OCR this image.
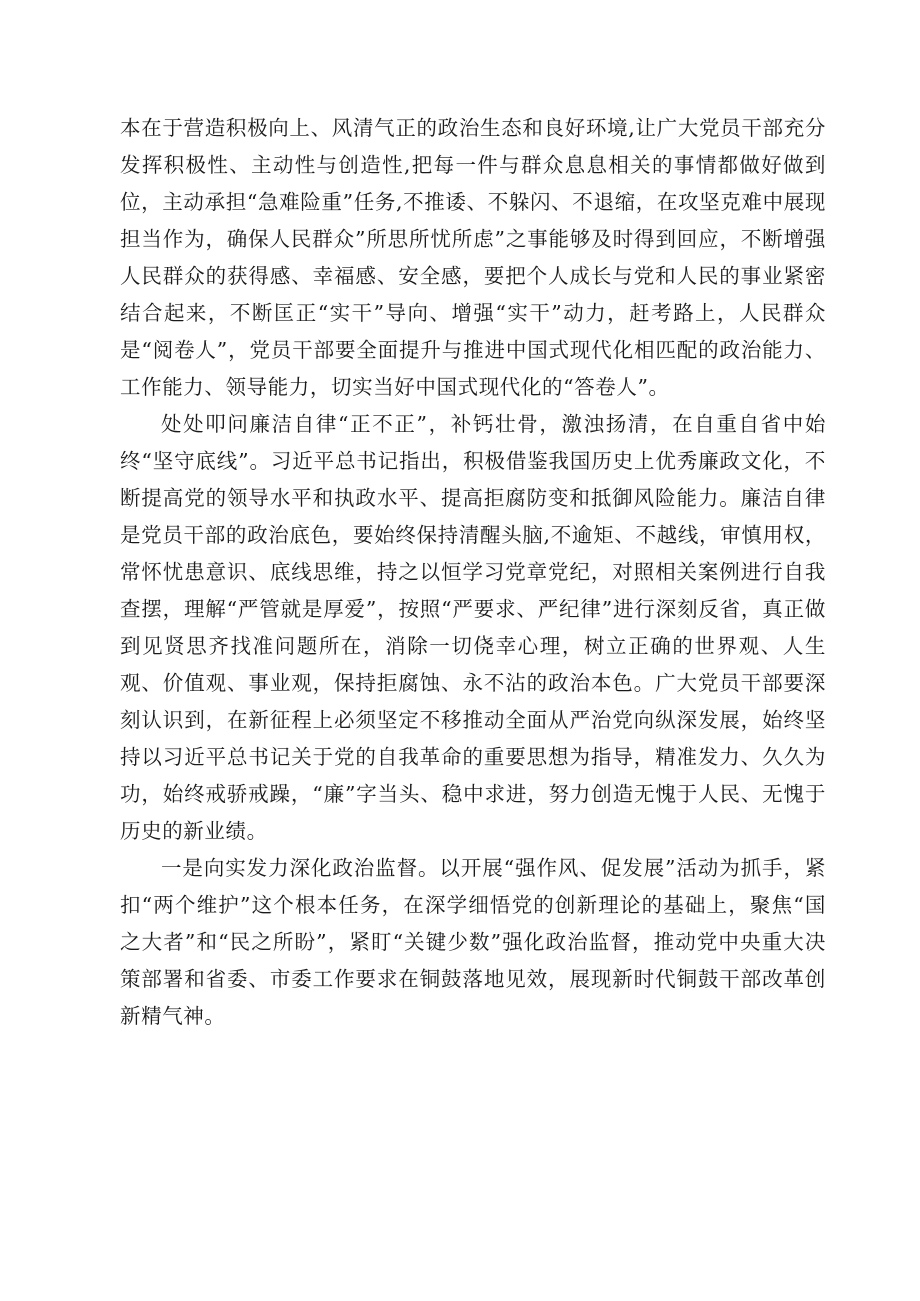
本在于营造积极向上、风清气正的政治生态和良好环境,让广大党员干部充分发挥积极性、主动性与创造性,把每一件与群众息息相关的事情都做好做到位，主动承担“急难险重”任务,不推诿、不躲闪、不退缩，在攻坚克难中展现担当作为，确保人民群众”所思所忧所虑”之事能够及时得到回应，不断增强人民群众的获得感、幸福感、安全感，要把个人成长与党和人民的事业紧密结合起来，不断匡正“实干”导向、增强“实干”动力，赶考路上，人民群众是“阅卷人”，党员干部要全面提升与推进中国式现代化相匹配的政治能力、工作能力、领导能力，切实当好中国式现代化的“答卷人”。

处处叩问廉洁自律“正不正”，补钙壮骨，激浊扬清，在自重自省中始终“坚守底线”。习近平总书记指出，积极借鉴我国历史上优秀廉政文化，不断提高党的领导水平和执政水平、提高拒腐防变和抵御风险能力。廉洁自律是党员干部的政治底色，要始终保持清醒头脑,不逾矩、不越线，审慎用权，常怀忧患意识、底线思维，持之以恒学习党章党纪，对照相关案例进行自我查摆，理解“严管就是厚爱”，按照“严要求、严纪律”进行深刻反省，真正做到见贤思齐找准问题所在，消除一切侥幸心理，树立正确的世界观、人生观、价值观、事业观，保持拒腐蚀、永不沾的政治本色。广大党员干部要深刻认识到，在新征程上必须坚定不移推动全面从严治党向纵深发展，始终坚持以习近平总书记关于党的自我革命的重要思想为指导，精准发力、久久为功，始终戒骄戒躁，“廉”字当头、稳中求进，努力创造无愧于人民、无愧于历史的新业绩。

一是向实发力深化政治监督。以开展“强作风、促发展”活动为抓手，紧扣“两个维护”这个根本任务，在深学细悟党的创新理论的基础上，聚焦“国之大者”和“民之所盼”，紧盯“关键少数”强化政治监督，推动党中央重大决策部署和省委、市委工作要求在铜鼓落地见效，展现新时代铜鼓干部改革创新精气神。
